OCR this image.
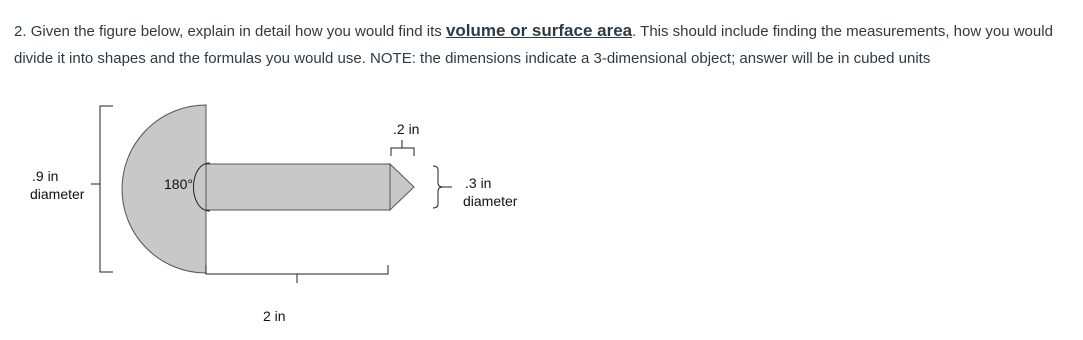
2. Given the figure below, explain in detail how you would find its volume or surface area. This should include finding the measurements, how you would divide it into shapes and the formulas you would use. NOTE: the dimensions indicate a 3-dimensional object; answer will be in cubed units

.9 in
diameter
180°
.2 in
.3 in
diameter
2 in
